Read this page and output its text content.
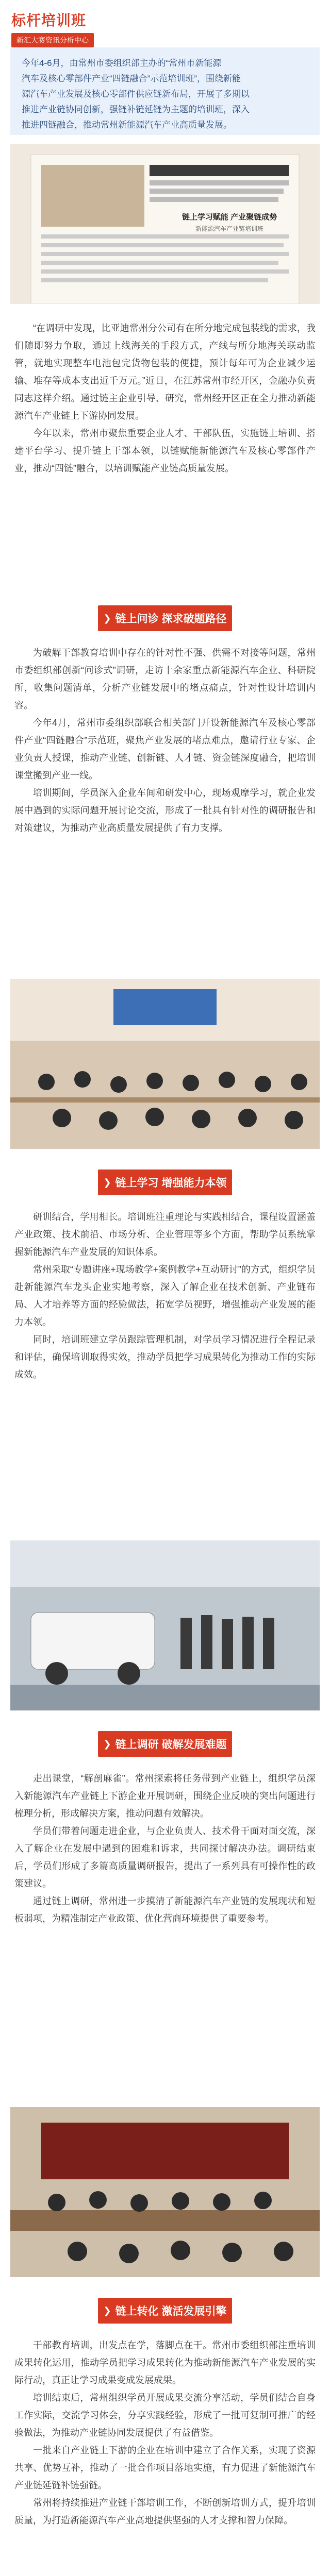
标杆培训班
新汇大赛资讯分析中心
今年4-6月，由常州市委组织部主办的“常州市新能源
汽车及核心零部件产业“四链融合”示范培训班”，围绕新能
源汽车产业发展及核心零部件供应链新布局，开展了多期以
推进产业链协同创新，强链补链延链为主题的培训班，深入
推进四链融合，推动常州新能源汽车产业高质量发展。
链上学习赋能 产业聚链成势
新能源汽车产业链培训班

“在调研中发现，比亚迪常州分公司有在所分地完成包装线的需求，我们随即努力争取，通过上线海关的手段方式，产线与所分地海关联动监管，就地实现整车电池包完货物包装的便捷，预计每年可为企业减少运输、堆存等成本支出近千万元。”近日，在江苏常州市经开区，金融办负责同志这样介绍。通过链主企业引导、研究，常州经开区正在全力推动新能源汽车产业链上下游协同发展。

今年以来，常州市聚焦重要企业人才、干部队伍，实施链上培训、搭建平台学习、提升链上干部本领，以链赋能新能源汽车及核心零部件产业，推动“四链”融合，以培训赋能产业链高质量发展。

❯ 链上问诊 探求破题路径

为破解干部教育培训中存在的针对性不强、供需不对接等问题，常州市委组织部创新“问诊式”调研，走访十余家重点新能源汽车企业、科研院所，收集问题清单，分析产业链发展中的堵点痛点，针对性设计培训内容。

今年4月，常州市委组织部联合相关部门开设新能源汽车及核心零部件产业“四链融合”示范班，聚焦产业发展的堵点难点，邀请行业专家、企业负责人授课，推动产业链、创新链、人才链、资金链深度融合，把培训课堂搬到产业一线。

培训期间，学员深入企业车间和研发中心，现场观摩学习，就企业发展中遇到的实际问题开展讨论交流，形成了一批具有针对性的调研报告和对策建议，为推动产业高质量发展提供了有力支撑。

❯ 链上学习 增强能力本领

研训结合，学用相长。培训班注重理论与实践相结合，课程设置涵盖产业政策、技术前沿、市场分析、企业管理等多个方面，帮助学员系统掌握新能源汽车产业发展的知识体系。

常州采取“专题讲座+现场教学+案例教学+互动研讨”的方式，组织学员赴新能源汽车龙头企业实地考察，深入了解企业在技术创新、产业链布局、人才培养等方面的经验做法，拓宽学员视野，增强推动产业发展的能力本领。

同时，培训班建立学员跟踪管理机制，对学员学习情况进行全程记录和评估，确保培训取得实效，推动学员把学习成果转化为推动工作的实际成效。

❯ 链上调研 破解发展难题

走出课堂，“解剖麻雀”。常州探索将任务带到产业链上，组织学员深入新能源汽车产业链上下游企业开展调研，围绕企业反映的突出问题进行梳理分析，形成解决方案，推动问题有效解决。

学员们带着问题走进企业，与企业负责人、技术骨干面对面交流，深入了解企业在发展中遇到的困难和诉求，共同探讨解决办法。调研结束后，学员们形成了多篇高质量调研报告，提出了一系列具有可操作性的政策建议。

通过链上调研，常州进一步摸清了新能源汽车产业链的发展现状和短板弱项，为精准制定产业政策、优化营商环境提供了重要参考。

❯ 链上转化 激活发展引擎

干部教育培训，出发点在学，落脚点在干。常州市委组织部注重培训成果转化运用，推动学员把学习成果转化为推动新能源汽车产业发展的实际行动，真正让学习成果变成发展成果。

培训结束后，常州组织学员开展成果交流分享活动，学员们结合自身工作实际，交流学习体会，分享实践经验，形成了一批可复制可推广的经验做法，为推动产业链协同发展提供了有益借鉴。

一批来自产业链上下游的企业在培训中建立了合作关系，实现了资源共享、优势互补，推动了一批合作项目落地实施，有力促进了新能源汽车产业链延链补链强链。

常州将持续推进产业链干部培训工作，不断创新培训方式，提升培训质量，为打造新能源汽车产业高地提供坚强的人才支撑和智力保障。
